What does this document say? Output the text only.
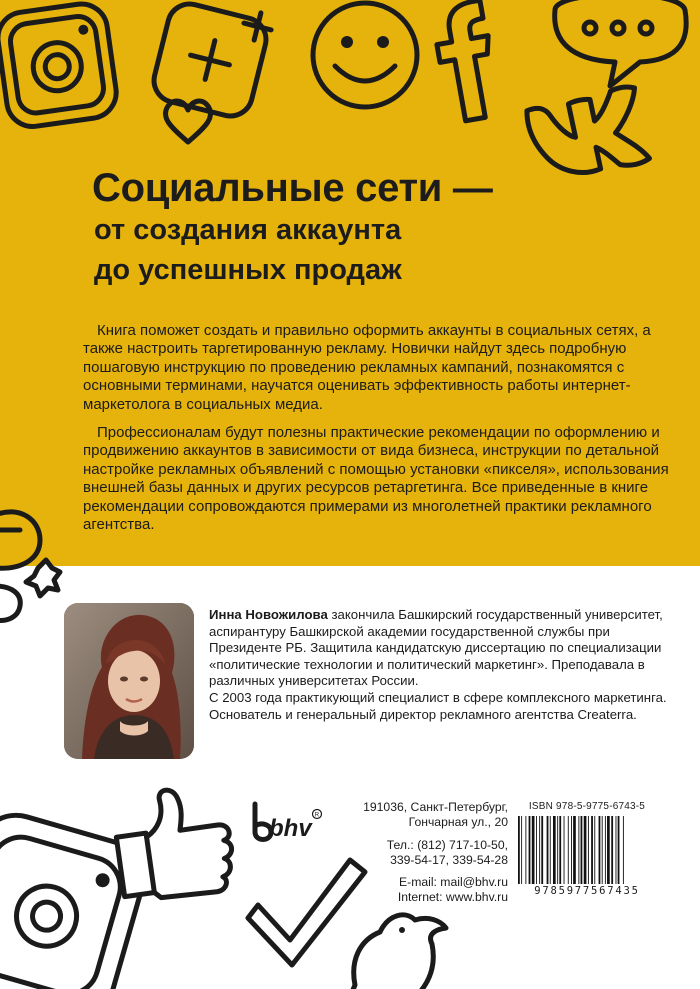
Социальные сети —
от создания аккаунта
до успешных продаж

Книга поможет создать и правильно оформить аккаунты в социальных сетях, а также настроить таргетированную рекламу. Новички найдут здесь подробную пошаговую инструкцию по проведению рекламных кампаний, познакомятся с основными терминами, научатся оценивать эффективность работы интернет-маркетолога в социальных медиа.

Профессионалам будут полезны практические рекомендации по оформлению и продвижению аккаунтов в зависимости от вида бизнеса, инструкции по детальной настройке рекламных объявлений с помощью установки «пикселя», использования внешней базы данных и других ресурсов ретаргетинга. Все приведенные в книге рекомендации сопровождаются примерами из многолетней практики рекламного агентства.

Инна Новожилова закончила Башкирский государственный университет, аспирантуру Башкирской академии государственной службы при Президенте РБ. Защитила кандидатскую диссертацию по специализации «политические технологии и политический маркетинг». Преподавала в различных университетах России.

С 2003 года практикующий специалист в сфере комплексного маркетинга.

Основатель и генеральный директор рекламного агентства Createrra.

bhv R
191036, Санкт-Петербург,
Гончарная ул., 20
Тел.: (812) 717-10-50,
339-54-17, 339-54-28
E-mail: mail@bhv.ru
Internet: www.bhv.ru
ISBN 978-5-9775-6743-5
9785977567435
